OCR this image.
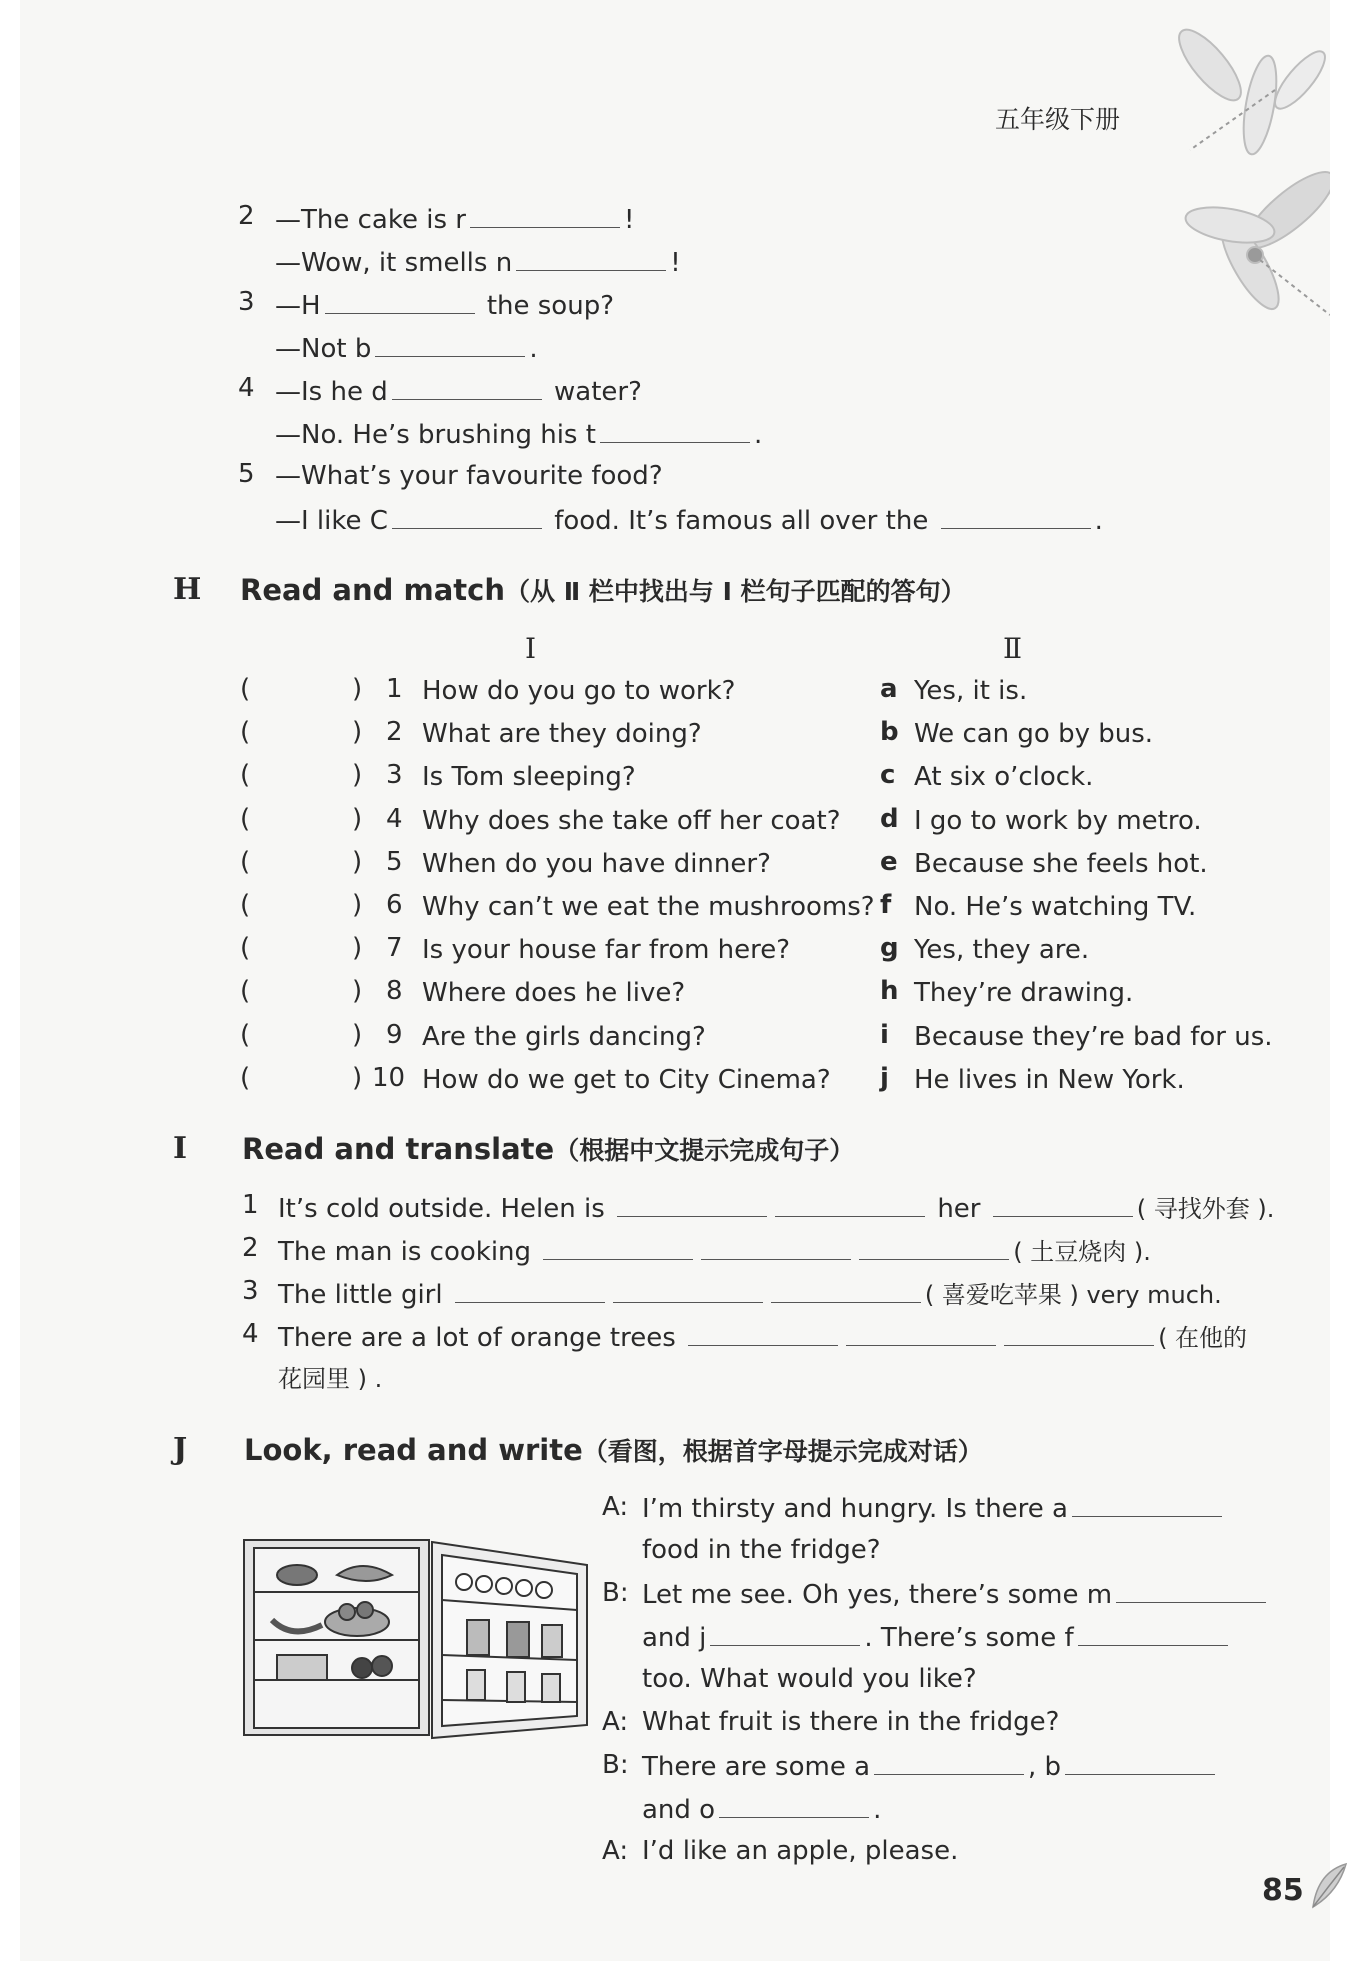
五年级下册
2 —The cake is r	!
—Wow, it smells n	!
3 —H	the soup?
—Not b	.
4 —Is he d	water?
—No. He’s brushing his t	.
5 —What’s your favourite food?
—I like C	food. It’s famous all over the	.
H Read and match（从 Ⅱ 栏中找出与 Ⅰ 栏句子匹配的答句）
Ⅰ	Ⅱ
(	) 1 How do you go to work?	a Yes, it is.
(	) 2 What are they doing?	b We can go by bus.
(	) 3 Is Tom sleeping?	c At six o’clock.
(	) 4 Why does she take off her coat? d I go to work by metro.
(	) 5 When do you have dinner?	e Because she feels hot.
(	) 6 Why can’t we eat the mushrooms? f No. He’s watching TV.
(	) 7 Is your house far from here?	g Yes, they are.
(	) 8 Where does he live?	h They’re drawing.
(	) 9 Are the girls dancing?	i Because they’re bad for us.
(	) 10 How do we get to City Cinema? j He lives in New York.
I Read and translate（根据中文提示完成句子）
1 It’s cold outside. Helen is	her	( 寻找外套 ).
2 The man is cooking	( 土豆烧肉 ).
3 The little girl	( 喜爱吃苹果 ) very much.
4 There are a lot of orange trees	( 在他的
花园里 ) .
J Look, read and write（看图，根据首字母提示完成对话）
A: I’m thirsty and hungry. Is there a
food in the fridge?
B: Let me see. Oh yes, there’s some m
and j	. There’s some f
too. What would you like?
A: What fruit is there in the fridge?
B: There are some a	, b
and o	.
A: I’d like an apple, please.
85
